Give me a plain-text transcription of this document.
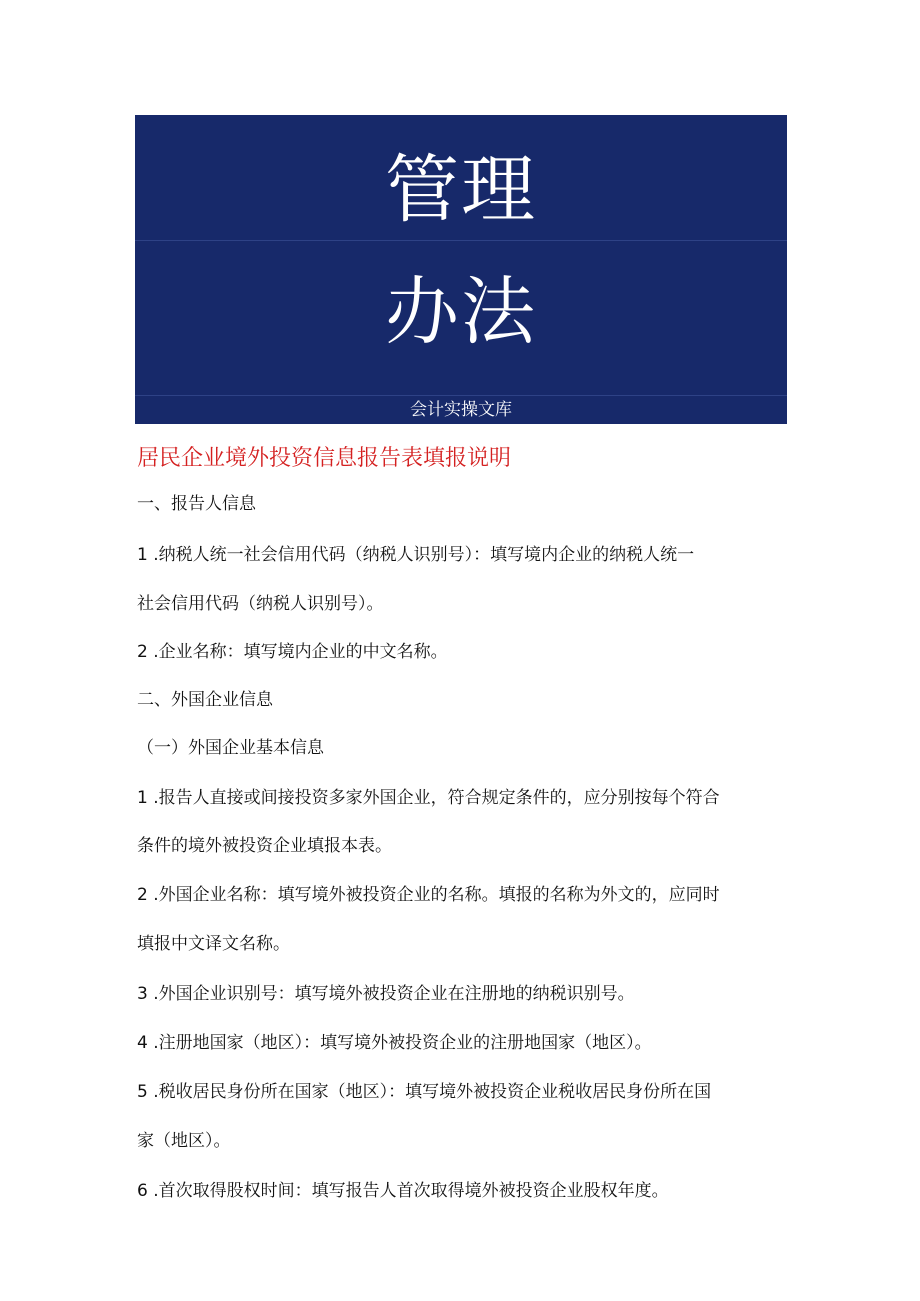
管理
办法
会计实操文库
居民企业境外投资信息报告表填报说明
一、报告人信息
1 .纳税人统一社会信用代码（纳税人识别号）：填写境内企业的纳税人统一
社会信用代码（纳税人识别号）。
2 .企业名称：填写境内企业的中文名称。
二、外国企业信息
（一）外国企业基本信息
1 .报告人直接或间接投资多家外国企业，符合规定条件的，应分别按每个符合
条件的境外被投资企业填报本表。
2 .外国企业名称：填写境外被投资企业的名称。填报的名称为外文的，应同时
填报中文译文名称。
3 .外国企业识别号：填写境外被投资企业在注册地的纳税识别号。
4 .注册地国家（地区）：填写境外被投资企业的注册地国家（地区）。
5 .税收居民身份所在国家（地区）：填写境外被投资企业税收居民身份所在国
家（地区）。
6 .首次取得股权时间：填写报告人首次取得境外被投资企业股权年度。
